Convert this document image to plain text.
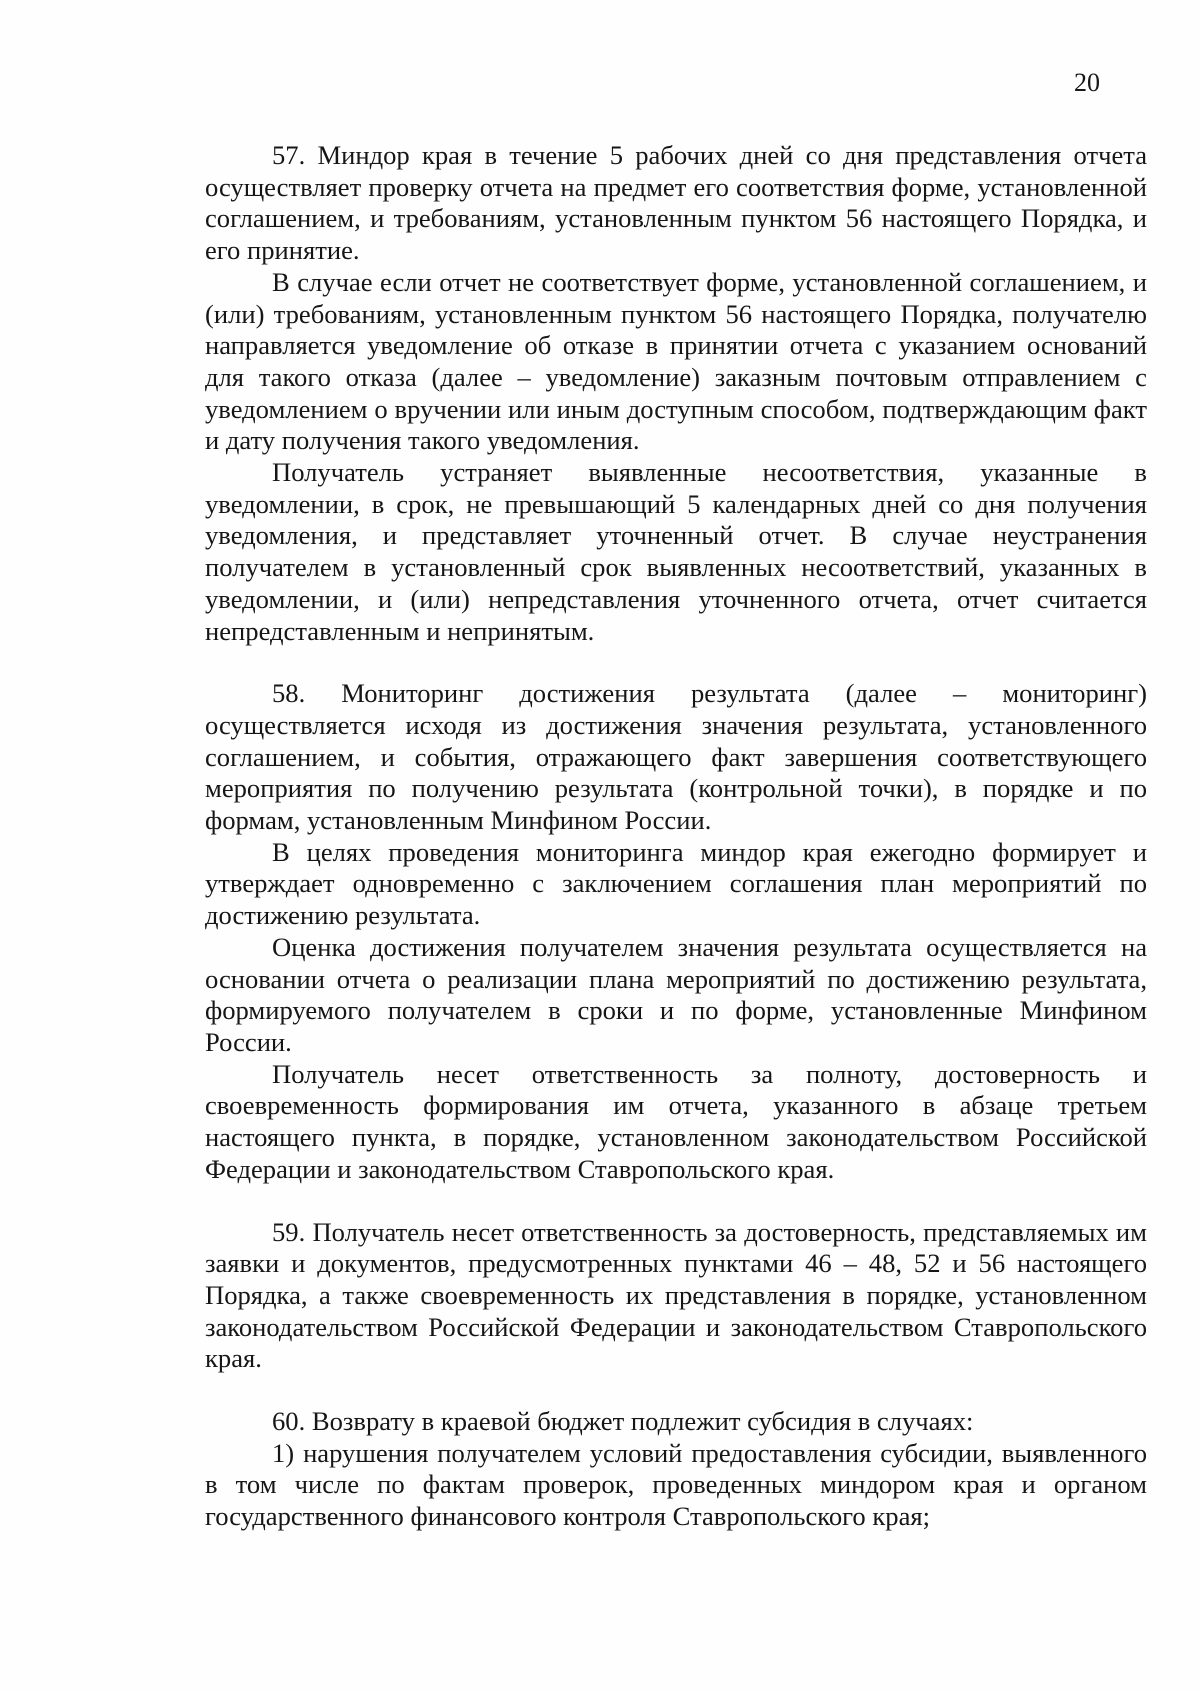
20

57. Миндор края в течение 5 рабочих дней со дня представления отчета осуществляет проверку отчета на предмет его соответствия форме, установленной соглашением, и требованиям, установленным пунктом 56 настоящего Порядка, и его принятие.

В случае если отчет не соответствует форме, установленной соглашением, и (или) требованиям, установленным пунктом 56 настоящего Порядка, получателю направляется уведомление об отказе в принятии отчета с указанием оснований для такого отказа (далее – уведомление) заказным почтовым отправлением с уведомлением о вручении или иным доступным способом, подтверждающим факт и дату получения такого уведомления.

Получатель устраняет выявленные несоответствия, указанные в уведомлении, в срок, не превышающий 5 календарных дней со дня получения уведомления, и представляет уточненный отчет. В случае неустранения получателем в установленный срок выявленных несоответствий, указанных в уведомлении, и (или) непредставления уточненного отчета, отчет считается непредставленным и непринятым.

58. Мониторинг достижения результата (далее – мониторинг) осуществляется исходя из достижения значения результата, установленного соглашением, и события, отражающего факт завершения соответствующего мероприятия по получению результата (контрольной точки), в порядке и по формам, установленным Минфином России.

В целях проведения мониторинга миндор края ежегодно формирует и утверждает одновременно с заключением соглашения план мероприятий по достижению результата.

Оценка достижения получателем значения результата осуществляется на основании отчета о реализации плана мероприятий по достижению результата, формируемого получателем в сроки и по форме, установленные Минфином России.

Получатель несет ответственность за полноту, достоверность и своевременность формирования им отчета, указанного в абзаце третьем настоящего пункта, в порядке, установленном законодательством Российской Федерации и законодательством Ставропольского края.

59. Получатель несет ответственность за достоверность, представляемых им заявки и документов, предусмотренных пунктами 46 – 48, 52 и 56 настоящего Порядка, а также своевременность их представления в порядке, установленном законодательством Российской Федерации и законодательством Ставропольского края.

60. Возврату в краевой бюджет подлежит субсидия в случаях:

1) нарушения получателем условий предоставления субсидии, выявленного в том числе по фактам проверок, проведенных миндором края и органом государственного финансового контроля Ставропольского края;
